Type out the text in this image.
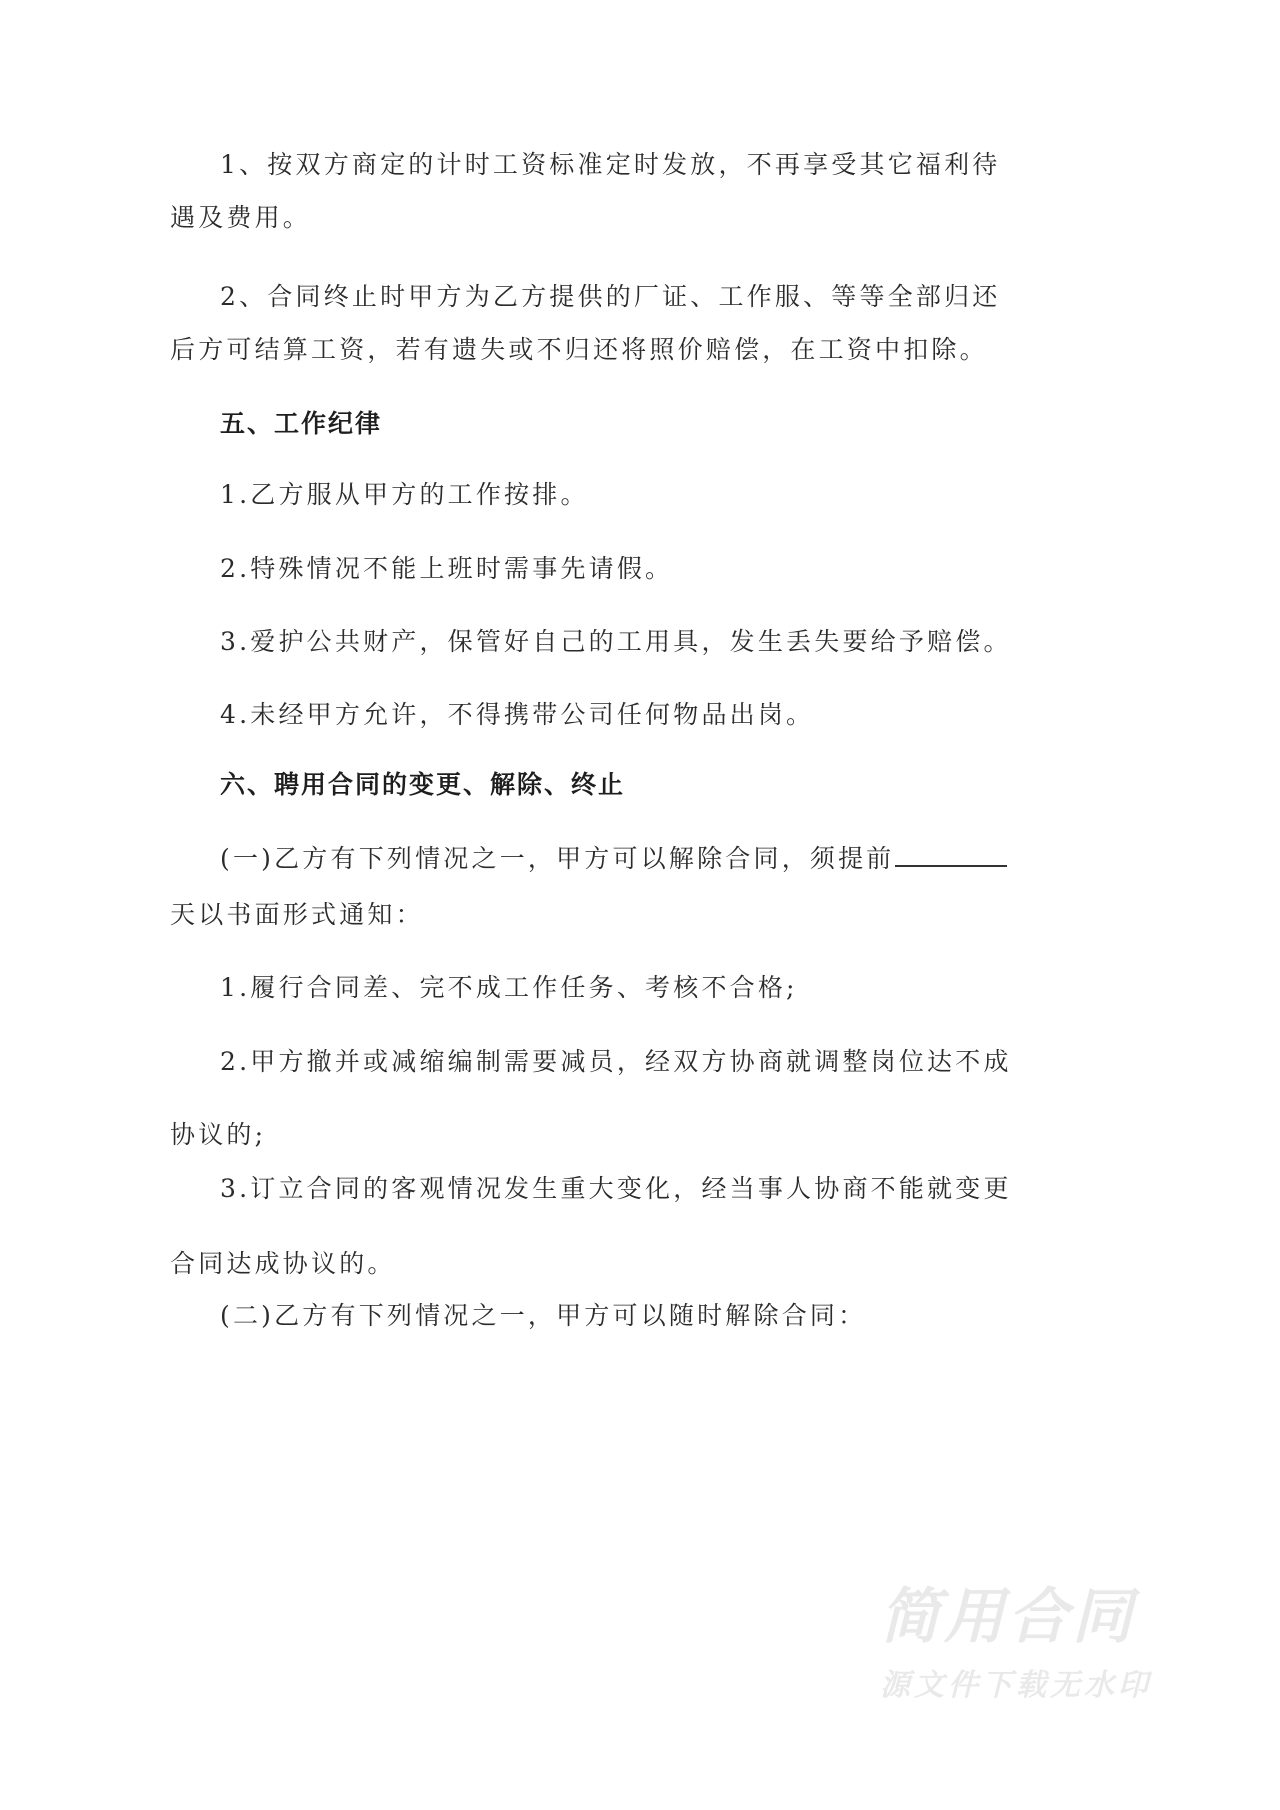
1、按双方商定的计时工资标准定时发放，不再享受其它福利待
遇及费用。
2、合同终止时甲方为乙方提供的厂证、工作服、等等全部归还
后方可结算工资，若有遗失或不归还将照价赔偿，在工资中扣除。
五、工作纪律
1.乙方服从甲方的工作按排。
2.特殊情况不能上班时需事先请假。
3.爱护公共财产，保管好自己的工用具，发生丢失要给予赔偿。
4.未经甲方允许，不得携带公司任何物品出岗。
六、聘用合同的变更、解除、终止
(一)乙方有下列情况之一，甲方可以解除合同，须提前
天以书面形式通知：
1.履行合同差、完不成工作任务、考核不合格;
2.甲方撤并或减缩编制需要减员，经双方协商就调整岗位达不成
协议的;
3.订立合同的客观情况发生重大变化，经当事人协商不能就变更
合同达成协议的。
(二)乙方有下列情况之一，甲方可以随时解除合同：
简用合同
源文件下载无水印
